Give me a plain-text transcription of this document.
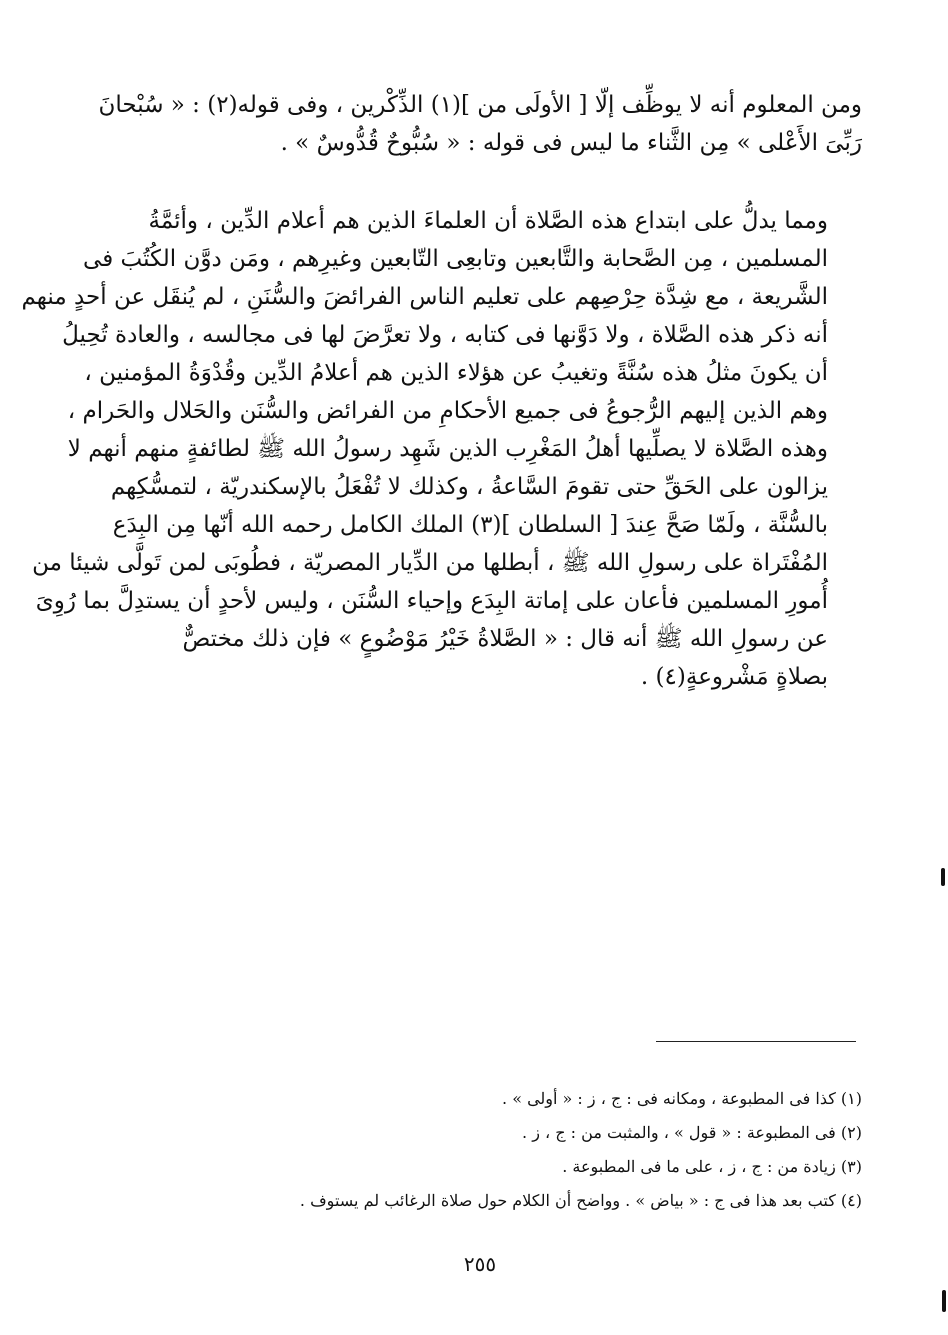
ومن المعلوم أنه لا يوظِّف إلّا [ الأولَى من ](١) الذِّكْرين ، وفى قوله(٢) : « سُبْحانَ
رَبِّىَ الأَعْلى » مِن الثَّناء ما ليس فى قوله : « سُبُّوحٌ قُدُّوسٌ » .
ومما يدلُّ على ابتداع هذه الصَّلاة أن العلماءَ الذين هم أعلام الدِّين ، وأئمَّةُ
المسلمين ، مِن الصَّحابة والتَّابعين وتابعِى التّابعين وغيرِهم ، ومَن دوَّن الكُتُبَ فى
الشَّريعة ، مع شِدَّة حِرْصِهم على تعليم الناس الفرائضَ والسُّنَنِ ، لم يُنقَل عن أحدٍ منهم
أنه ذكر هذه الصَّلاة ، ولا دَوَّنها فى كتابه ، ولا تعرَّضَ لها فى مجالسه ، والعادة تُحِيلُ
أن يكونَ مثلُ هذه سُنَّةً وتغيبُ عن هؤلاء الذين هم أعلامُ الدِّين وقُدْوَةُ المؤمنين ،
وهم الذين إليهم الرُّجوعُ فى جميع الأحكامِ من الفرائض والسُّنَن والحَلال والحَرام ،
وهذه الصَّلاة لا يصلِّيها أهلُ المَغْرِب الذين شَهِد رسولُ الله ﷺ لطائفةٍ منهم أنهم لا
يزالون على الحَقِّ حتى تقومَ السَّاعةُ ، وكذلك لا تُفْعَلُ بالإسكندريّة ، لتمسُّكِهم
بالسُّنَّة ، ولَمّا صَحَّ عِندَ [ السلطان ](٣) الملك الكامل رحمه الله أنّها مِن البِدَع
المُفْتَراة على رسولِ الله ﷺ ، أبطلها من الدِّيار المصريّة ، فطُوبَى لمن تَولَّى شيئا من
أُمورِ المسلمين فأعان على إماتة البِدَع وإحياء السُّنَن ، وليس لأحدٍ أن يستدِلَّ بما رُوِىَ
عن رسولِ الله ﷺ أنه قال : « الصَّلاةُ خَيْرُ مَوْضُوعٍ » فإن ذلك مختصٌّ
بصلاةٍ مَشْروعةٍ(٤) .
(١) كذا فى المطبوعة ، ومكانه فى : ج ، ز : « أولى » .
(٢) فى المطبوعة : « قول » ، والمثبت من : ج ، ز .
(٣) زيادة من : ج ، ز ، على ما فى المطبوعة .
(٤) كتب بعد هذا فى ج : « بياض » . وواضح أن الكلام حول صلاة الرغائب لم يستوف .
٢٥٥
